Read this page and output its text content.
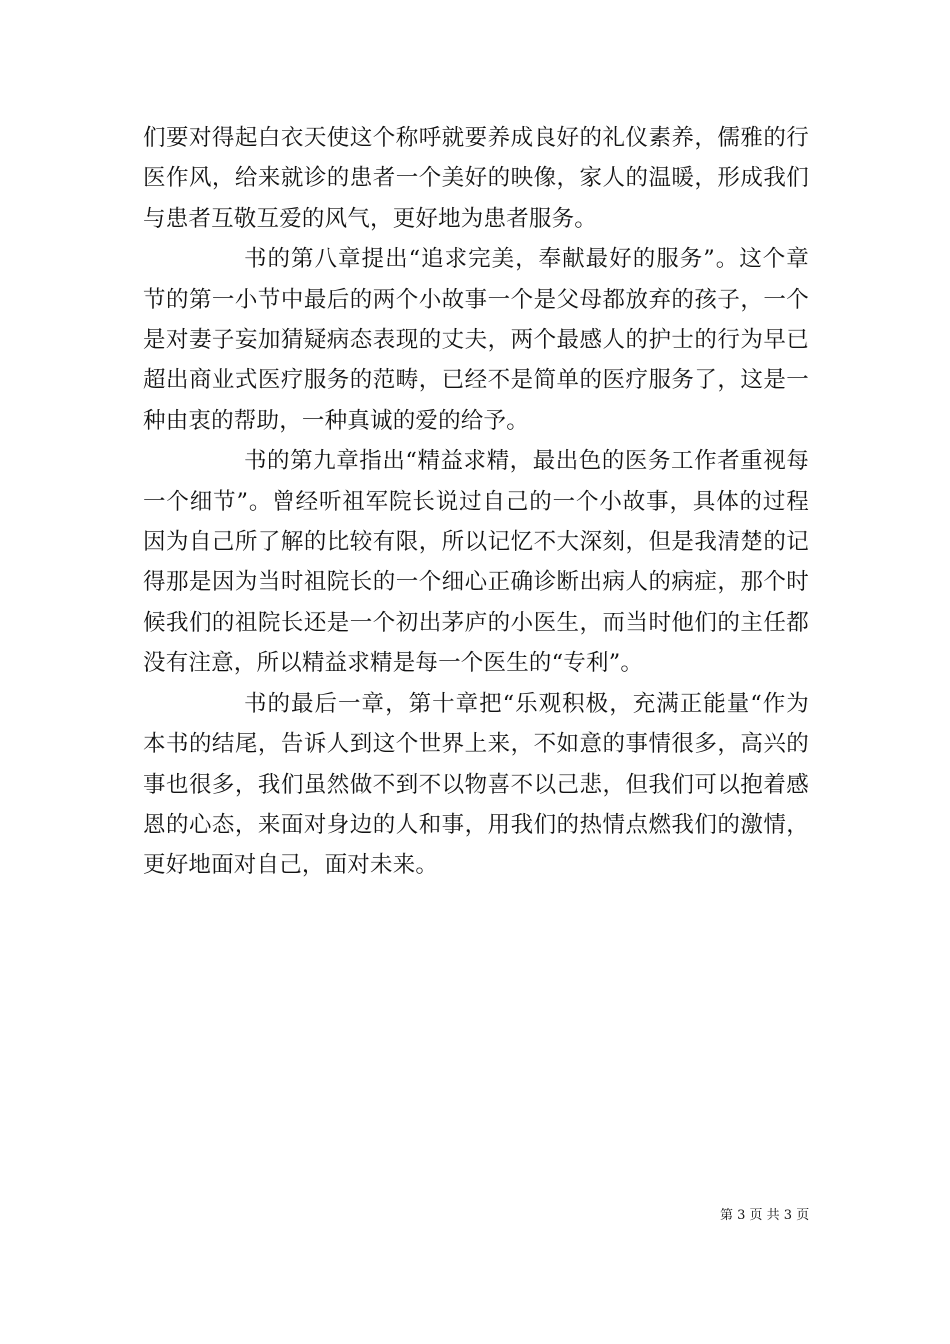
们要对得起白衣天使这个称呼就要养成良好的礼仪素养，儒雅的行
医作风，给来就诊的患者一个美好的映像，家人的温暖，形成我们
与患者互敬互爱的风气，更好地为患者服务。
书的第八章提出“追求完美，奉献最好的服务”。这个章
节的第一小节中最后的两个小故事一个是父母都放弃的孩子，一个
是对妻子妄加猜疑病态表现的丈夫，两个最感人的护士的行为早已
超出商业式医疗服务的范畴，已经不是简单的医疗服务了，这是一
种由衷的帮助，一种真诚的爱的给予。
书的第九章指出“精益求精，最出色的医务工作者重视每
一个细节”。曾经听祖军院长说过自己的一个小故事，具体的过程
因为自己所了解的比较有限，所以记忆不大深刻，但是我清楚的记
得那是因为当时祖院长的一个细心正确诊断出病人的病症，那个时
候我们的祖院长还是一个初出茅庐的小医生，而当时他们的主任都
没有注意，所以精益求精是每一个医生的“专利”。
书的最后一章，第十章把“乐观积极，充满正能量“作为
本书的结尾，告诉人到这个世界上来，不如意的事情很多，高兴的
事也很多，我们虽然做不到不以物喜不以己悲，但我们可以抱着感
恩的心态，来面对身边的人和事，用我们的热情点燃我们的激情，
更好地面对自己，面对未来。
第 3 页 共 3 页
